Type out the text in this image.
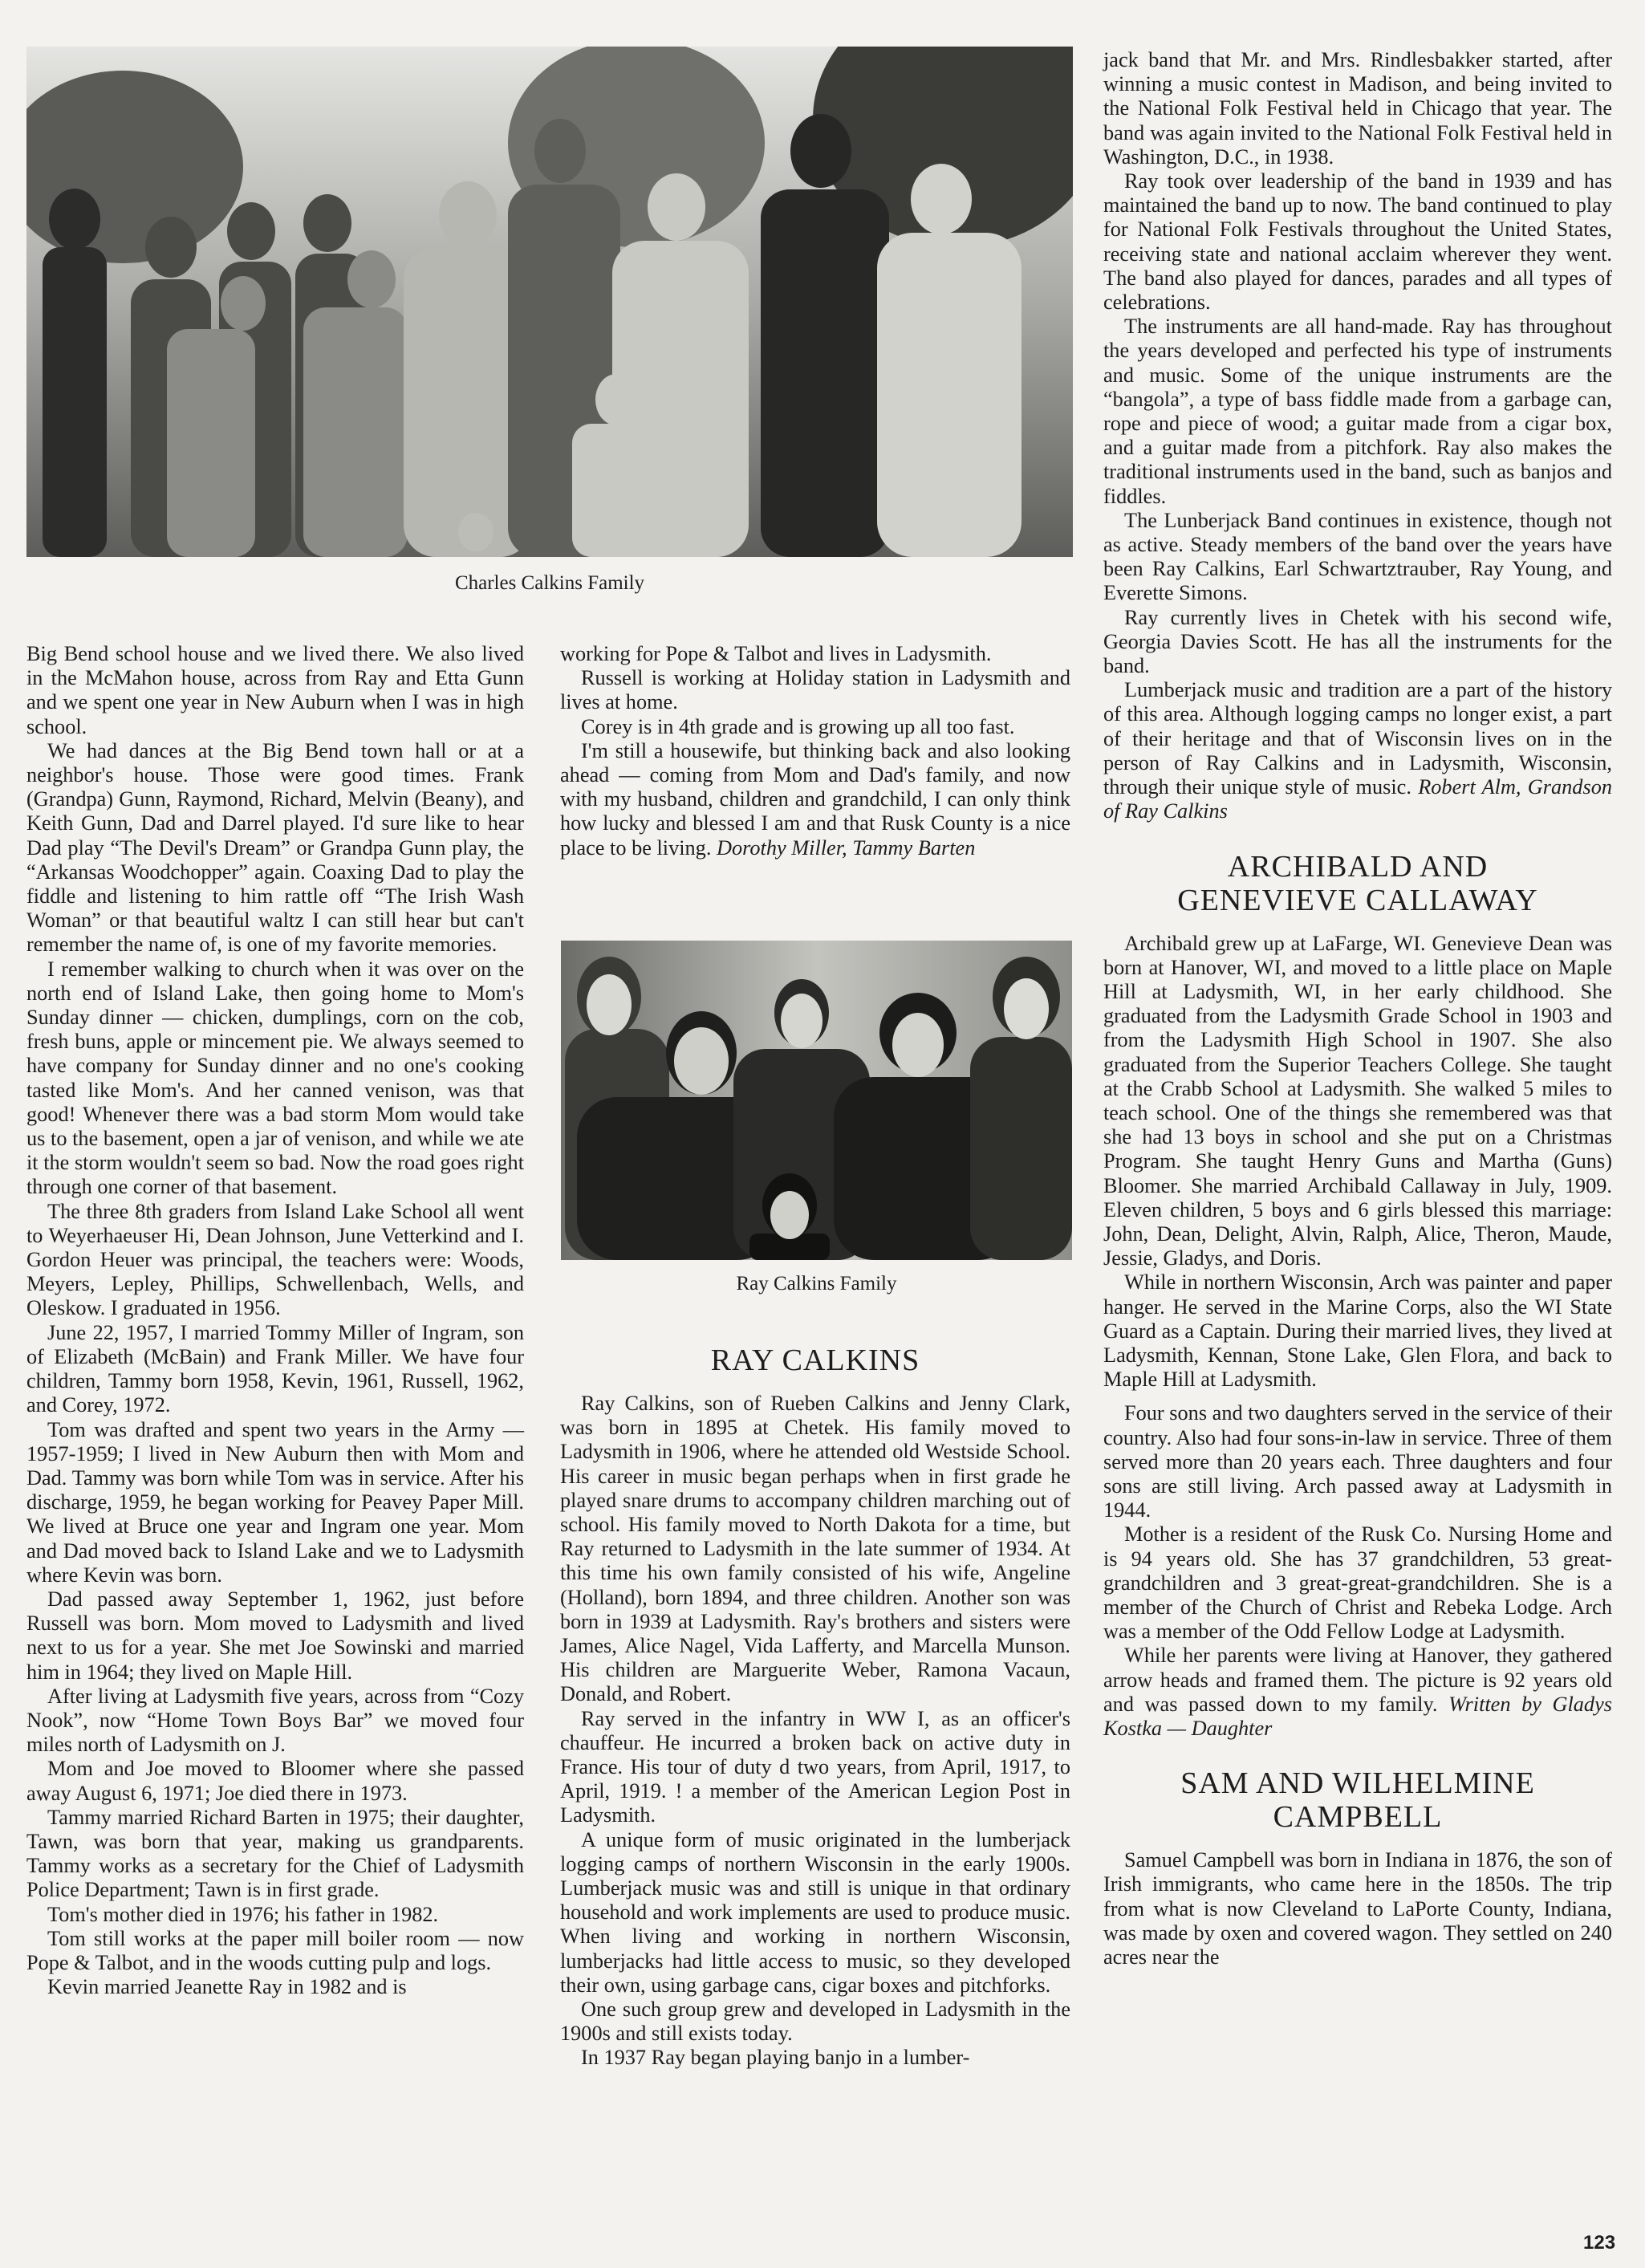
Charles Calkins Family

Big Bend school house and we lived there. We also lived in the McMahon house, across from Ray and Etta Gunn and we spent one year in New Auburn when I was in high school.

We had dances at the Big Bend town hall or at a neighbor's house. Those were good times. Frank (Grandpa) Gunn, Raymond, Richard, Melvin (Beany), and Keith Gunn, Dad and Darrel played. I'd sure like to hear Dad play “The Devil's Dream” or Grandpa Gunn play, the “Arkansas Woodchopper” again. Coaxing Dad to play the fiddle and listening to him rattle off “The Irish Wash Woman” or that beautiful waltz I can still hear but can't remember the name of, is one of my favorite memories.

I remember walking to church when it was over on the north end of Island Lake, then going home to Mom's Sunday dinner — chicken, dumplings, corn on the cob, fresh buns, apple or mincement pie. We always seemed to have company for Sunday dinner and no one's cooking tasted like Mom's. And her canned venison, was that good! Whenever there was a bad storm Mom would take us to the basement, open a jar of venison, and while we ate it the storm wouldn't seem so bad. Now the road goes right through one corner of that basement.

The three 8th graders from Island Lake School all went to Weyerhaeuser Hi, Dean Johnson, June Vetterkind and I. Gordon Heuer was principal, the teachers were: Woods, Meyers, Lepley, Phillips, Schwellenbach, Wells, and Oleskow. I graduated in 1956.

June 22, 1957, I married Tommy Miller of Ingram, son of Elizabeth (McBain) and Frank Miller. We have four children, Tammy born 1958, Kevin, 1961, Russell, 1962, and Corey, 1972.

Tom was drafted and spent two years in the Army — 1957-1959; I lived in New Auburn then with Mom and Dad. Tammy was born while Tom was in service. After his discharge, 1959, he began working for Peavey Paper Mill. We lived at Bruce one year and Ingram one year. Mom and Dad moved back to Island Lake and we to Ladysmith where Kevin was born.

Dad passed away September 1, 1962, just before Russell was born. Mom moved to Ladysmith and lived next to us for a year. She met Joe Sowinski and married him in 1964; they lived on Maple Hill.

After living at Ladysmith five years, across from “Cozy Nook”, now “Home Town Boys Bar” we moved four miles north of Ladysmith on J.

Mom and Joe moved to Bloomer where she passed away August 6, 1971; Joe died there in 1973.

Tammy married Richard Barten in 1975; their daughter, Tawn, was born that year, making us grandparents. Tammy works as a secretary for the Chief of Ladysmith Police Department; Tawn is in first grade.

Tom's mother died in 1976; his father in 1982.

Tom still works at the paper mill boiler room — now Pope & Talbot, and in the woods cutting pulp and logs.

Kevin married Jeanette Ray in 1982 and is

working for Pope & Talbot and lives in Ladysmith.

Russell is working at Holiday station in Ladysmith and lives at home.

Corey is in 4th grade and is growing up all too fast.

I'm still a housewife, but thinking back and also looking ahead — coming from Mom and Dad's family, and now with my husband, children and grandchild, I can only think how lucky and blessed I am and that Rusk County is a nice place to be living. Dorothy Miller, Tammy Barten

Ray Calkins Family
RAY CALKINS

Ray Calkins, son of Rueben Calkins and Jenny Clark, was born in 1895 at Chetek. His family moved to Ladysmith in 1906, where he attended old Westside School. His career in music began perhaps when in first grade he played snare drums to accompany children marching out of school. His family moved to North Dakota for a time, but Ray returned to Ladysmith in the late summer of 1934. At this time his own family consisted of his wife, Angeline (Holland), born 1894, and three children. Another son was born in 1939 at Ladysmith. Ray's brothers and sisters were James, Alice Nagel, Vida Lafferty, and Marcella Munson. His children are Marguerite Weber, Ramona Vacaun, Donald, and Robert.

Ray served in the infantry in WW I, as an officer's chauffeur. He incurred a broken back on active duty in France. His tour of duty d two years, from April, 1917, to April, 1919. ! a member of the American Legion Post in Ladysmith.

A unique form of music originated in the lumberjack logging camps of northern Wisconsin in the early 1900s. Lumberjack music was and still is unique in that ordinary household and work implements are used to produce music. When living and working in northern Wisconsin, lumberjacks had little access to music, so they developed their own, using garbage cans, cigar boxes and pitchforks.

One such group grew and developed in Ladysmith in the 1900s and still exists today.

In 1937 Ray began playing banjo in a lumber-

jack band that Mr. and Mrs. Rindlesbakker started, after winning a music contest in Madison, and being invited to the National Folk Festival held in Chicago that year. The band was again invited to the National Folk Festival held in Washington, D.C., in 1938.

Ray took over leadership of the band in 1939 and has maintained the band up to now. The band continued to play for National Folk Festivals throughout the United States, receiving state and national acclaim wherever they went. The band also played for dances, parades and all types of celebrations.

The instruments are all hand-made. Ray has throughout the years developed and perfected his type of instruments and music. Some of the unique instruments are the “bangola”, a type of bass fiddle made from a garbage can, rope and piece of wood; a guitar made from a cigar box, and a guitar made from a pitchfork. Ray also makes the traditional instruments used in the band, such as banjos and fiddles.

The Lunberjack Band continues in existence, though not as active. Steady members of the band over the years have been Ray Calkins, Earl Schwartztrauber, Ray Young, and Everette Simons.

Ray currently lives in Chetek with his second wife, Georgia Davies Scott. He has all the instruments for the band.

Lumberjack music and tradition are a part of the history of this area. Although logging camps no longer exist, a part of their heritage and that of Wisconsin lives on in the person of Ray Calkins and in Ladysmith, Wisconsin, through their unique style of music. Robert Alm, Grandson of Ray Calkins

ARCHIBALD AND GENEVIEVE CALLAWAY

Archibald grew up at LaFarge, WI. Genevieve Dean was born at Hanover, WI, and moved to a little place on Maple Hill at Ladysmith, WI, in her early childhood. She graduated from the Ladysmith Grade School in 1903 and from the Ladysmith High School in 1907. She also graduated from the Superior Teachers College. She taught at the Crabb School at Ladysmith. She walked 5 miles to teach school. One of the things she remembered was that she had 13 boys in school and she put on a Christmas Program. She taught Henry Guns and Martha (Guns) Bloomer. She married Archibald Callaway in July, 1909. Eleven children, 5 boys and 6 girls blessed this marriage: John, Dean, Delight, Alvin, Ralph, Alice, Theron, Maude, Jessie, Gladys, and Doris.

While in northern Wisconsin, Arch was painter and paper hanger. He served in the Marine Corps, also the WI State Guard as a Captain. During their married lives, they lived at Ladysmith, Kennan, Stone Lake, Glen Flora, and back to Maple Hill at Ladysmith.

Four sons and two daughters served in the service of their country. Also had four sons-in-law in service. Three of them served more than 20 years each. Three daughters and four sons are still living. Arch passed away at Ladysmith in 1944.

Mother is a resident of the Rusk Co. Nursing Home and is 94 years old. She has 37 grandchildren, 53 great-grandchildren and 3 great-great-grandchildren. She is a member of the Church of Christ and Rebeka Lodge. Arch was a member of the Odd Fellow Lodge at Ladysmith.

While her parents were living at Hanover, they gathered arrow heads and framed them. The picture is 92 years old and was passed down to my family. Written by Gladys Kostka — Daughter

SAM AND WILHELMINE CAMPBELL

Samuel Campbell was born in Indiana in 1876, the son of Irish immigrants, who came here in the 1850s. The trip from what is now Cleveland to LaPorte County, Indiana, was made by oxen and covered wagon. They settled on 240 acres near the

123
